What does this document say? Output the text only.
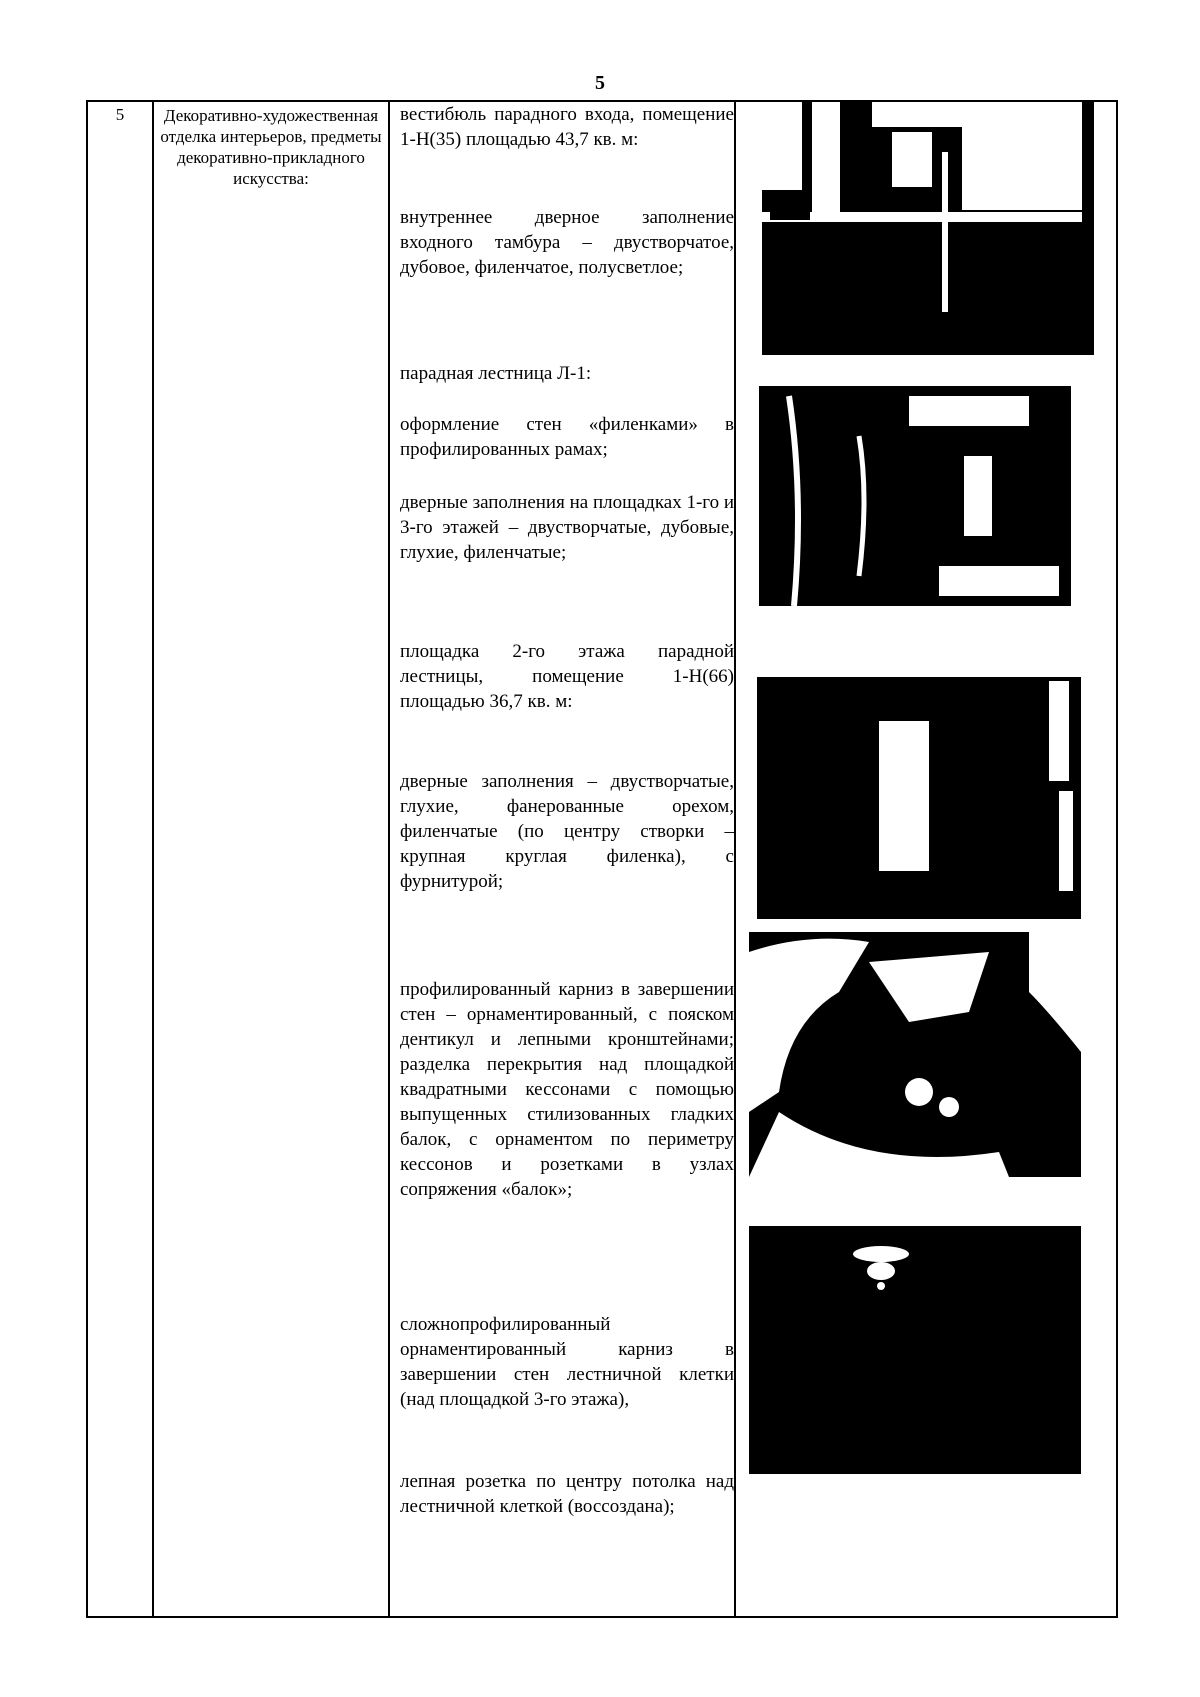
5
5	Декоративно-художественная отделка интерьеров, предметы декоративно-прикладного искусства:
вестибюль парадного входа, помещение 1-Н(35) площадью 43,7 кв. м:
внутреннее дверное заполнение входного тамбура – двустворчатое, дубовое, филенчатое, полусветлое;
парадная лестница Л-1:
оформление стен «филенками» в профилированных рамах;
дверные заполнения на площадках 1-го и 3-го этажей – двустворчатые, дубовые, глухие, филенчатые;
площадка 2-го этажа парадной лестницы, помещение 1-Н(66) площадью 36,7 кв. м:
дверные заполнения – двустворчатые, глухие, фанерованные орехом, филенчатые (по центру створки – крупная круглая филенка), с фурнитурой;
профилированный карниз в завершении стен – орнаментированный, с пояском дентикул и лепными кронштейнами; разделка перекрытия над площадкой квадратными кессонами с помощью выпущенных стилизованных гладких балок, с орнаментом по периметру кессонов и розетками в узлах сопряжения «балок»;
сложнопрофилированный орнаментированный карниз в завершении стен лестничной клетки (над площадкой 3-го этажа),
лепная розетка по центру потолка над лестничной клеткой (воссоздана);
